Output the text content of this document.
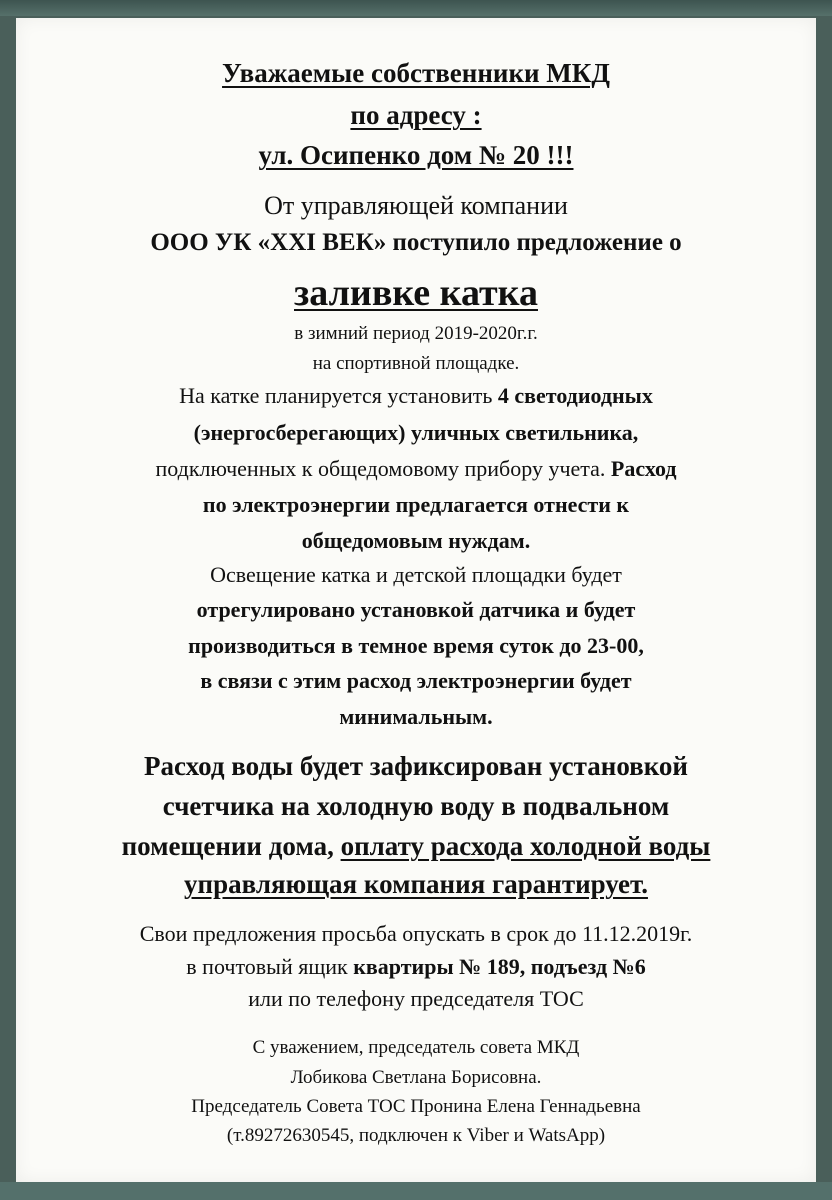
Уважаемые собственники МКД
по адресу :
ул. Осипенко дом № 20 !!!
От управляющей компании
ООО УК «XXI ВЕК» поступило предложение о
заливке катка
в зимний период 2019-2020г.г.
на спортивной площадке.
На катке планируется установить 4 светодиодных
(энергосберегающих) уличных светильника,
подключенных к общедомовому прибору учета. Расход
по электроэнергии предлагается отнести к
общедомовым нуждам.
Освещение катка и детской площадки будет
отрегулировано установкой датчика и будет
производиться в темное время суток до 23-00,
в связи с этим расход электроэнергии будет
минимальным.
Расход воды будет зафиксирован установкой
счетчика на холодную воду в подвальном
помещении дома, оплату расхода холодной воды
управляющая компания гарантирует.
Свои предложения просьба опускать в срок до 11.12.2019г.
в почтовый ящик квартиры № 189, подъезд №6
или по телефону председателя ТОС
С уважением, председатель совета МКД
Лобикова Светлана Борисовна.
Председатель Совета ТОС Пронина Елена Геннадьевна
(т.89272630545, подключен к Viber и WatsApp)
